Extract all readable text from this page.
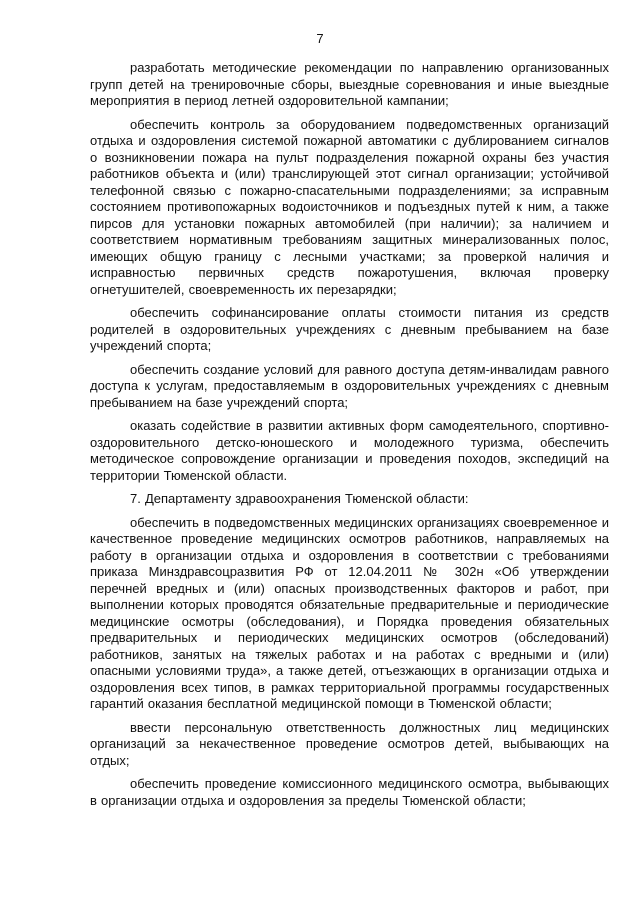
7

разработать методические рекомендации по направлению организованных групп детей на тренировочные сборы, выездные соревнования и иные выездные мероприятия в период летней оздоровительной кампании;

обеспечить контроль за оборудованием подведомственных организаций отдыха и оздоровления системой пожарной автоматики с дублированием сигналов о возникновении пожара на пульт подразделения пожарной охраны без участия работников объекта и (или) транслирующей этот сигнал организации; устойчивой телефонной связью с пожарно-спасательными подразделениями; за исправным состоянием противопожарных водоисточников и подъездных путей к ним, а также пирсов для установки пожарных автомобилей (при наличии); за наличием и соответствием нормативным требованиям защитных минерализованных полос, имеющих общую границу с лесными участками; за проверкой наличия и исправностью первичных средств пожаротушения, включая проверку огнетушителей, своевременность их перезарядки;

обеспечить софинансирование оплаты стоимости питания из средств родителей в оздоровительных учреждениях с дневным пребыванием на базе учреждений спорта;

обеспечить создание условий для равного доступа детям-инвалидам равного доступа к услугам, предоставляемым в оздоровительных учреждениях с дневным пребыванием на базе учреждений спорта;

оказать содействие в развитии активных форм самодеятельного, спортивно-оздоровительного детско-юношеского и молодежного туризма, обеспечить методическое сопровождение организации и проведения походов, экспедиций на территории Тюменской области.

7. Департаменту здравоохранения Тюменской области:

обеспечить в подведомственных медицинских организациях своевременное и качественное проведение медицинских осмотров работников, направляемых на работу в организации отдыха и оздоровления в соответствии с требованиями приказа Минздравсоцразвития РФ от 12.04.2011 № 302н «Об утверждении перечней вредных и (или) опасных производственных факторов и работ, при выполнении которых проводятся обязательные предварительные и периодические медицинские осмотры (обследования), и Порядка проведения обязательных предварительных и периодических медицинских осмотров (обследований) работников, занятых на тяжелых работах и на работах с вредными и (или) опасными условиями труда», а также детей, отъезжающих в организации отдыха и оздоровления всех типов, в рамках территориальной программы государственных гарантий оказания бесплатной медицинской помощи в Тюменской области;

ввести персональную ответственность должностных лиц медицинских организаций за некачественное проведение осмотров детей, выбывающих на отдых;

обеспечить проведение комиссионного медицинского осмотра, выбывающих в организации отдыха и оздоровления за пределы Тюменской области;
